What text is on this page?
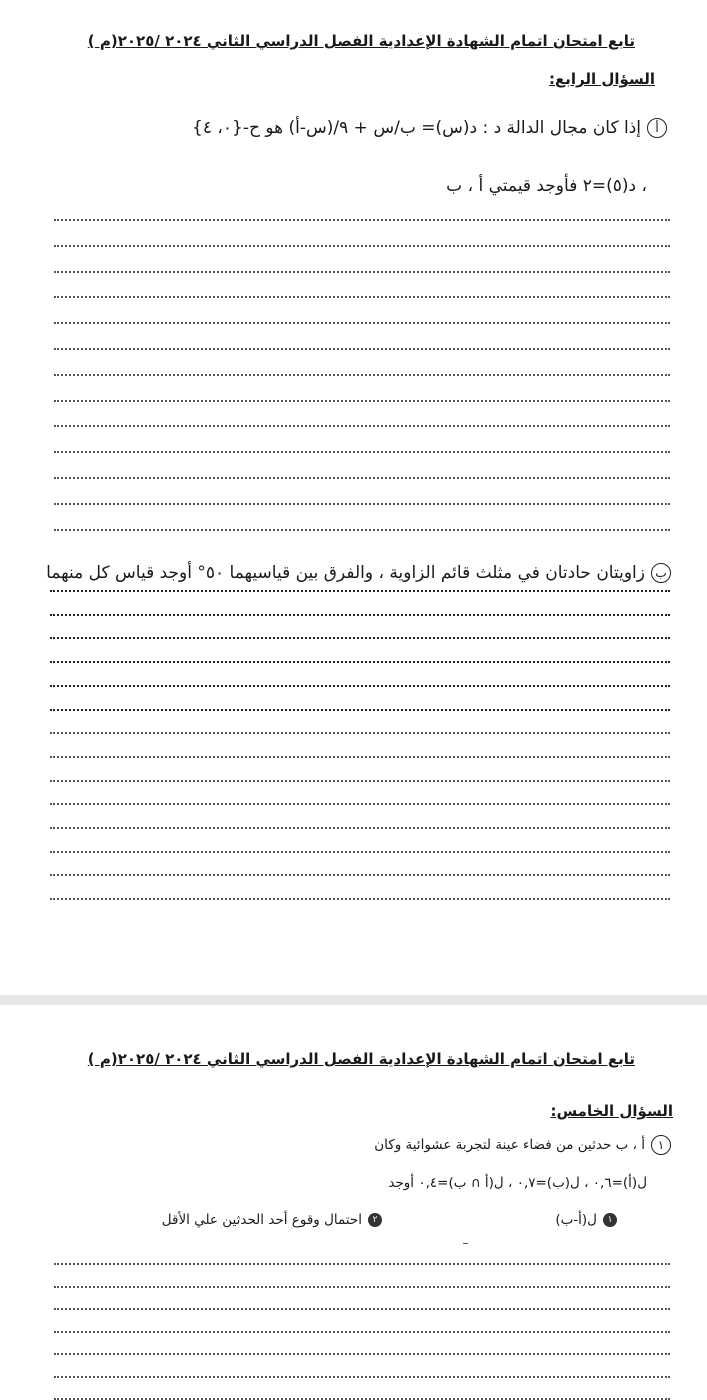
تابع امتحان اتمام الشهادة الإعدادية الفصل الدراسي الثاني ٢٠٢٤ /٢٠٢٥(م )
السؤال الرابع:
أإذا كان مجال الدالة د : د(س)= ب/س + ٩/(س-أ) هو ح-{٠، ٤}
، د(٥)=٢ فأوجد قيمتي أ ، ب
بزاويتان حادتان في مثلث قائم الزاوية ، والفرق بين قياسيهما ٥٠° أوجد قياس كل منهما
تابع امتحان اتمام الشهادة الإعدادية الفصل الدراسي الثاني ٢٠٢٤ /٢٠٢٥(م )
السؤال الخامس:
١أ ، ب حدثين من فضاء عينة لتجربة عشوائية وكان
ل(أ)=٠,٦ ، ل(ب)=٠,٧ ، ل(أ ∩ ب)=٠,٤ أوجد
١ل(أ-ب)
٢احتمال وقوع أحد الحدثين علي الأقل
